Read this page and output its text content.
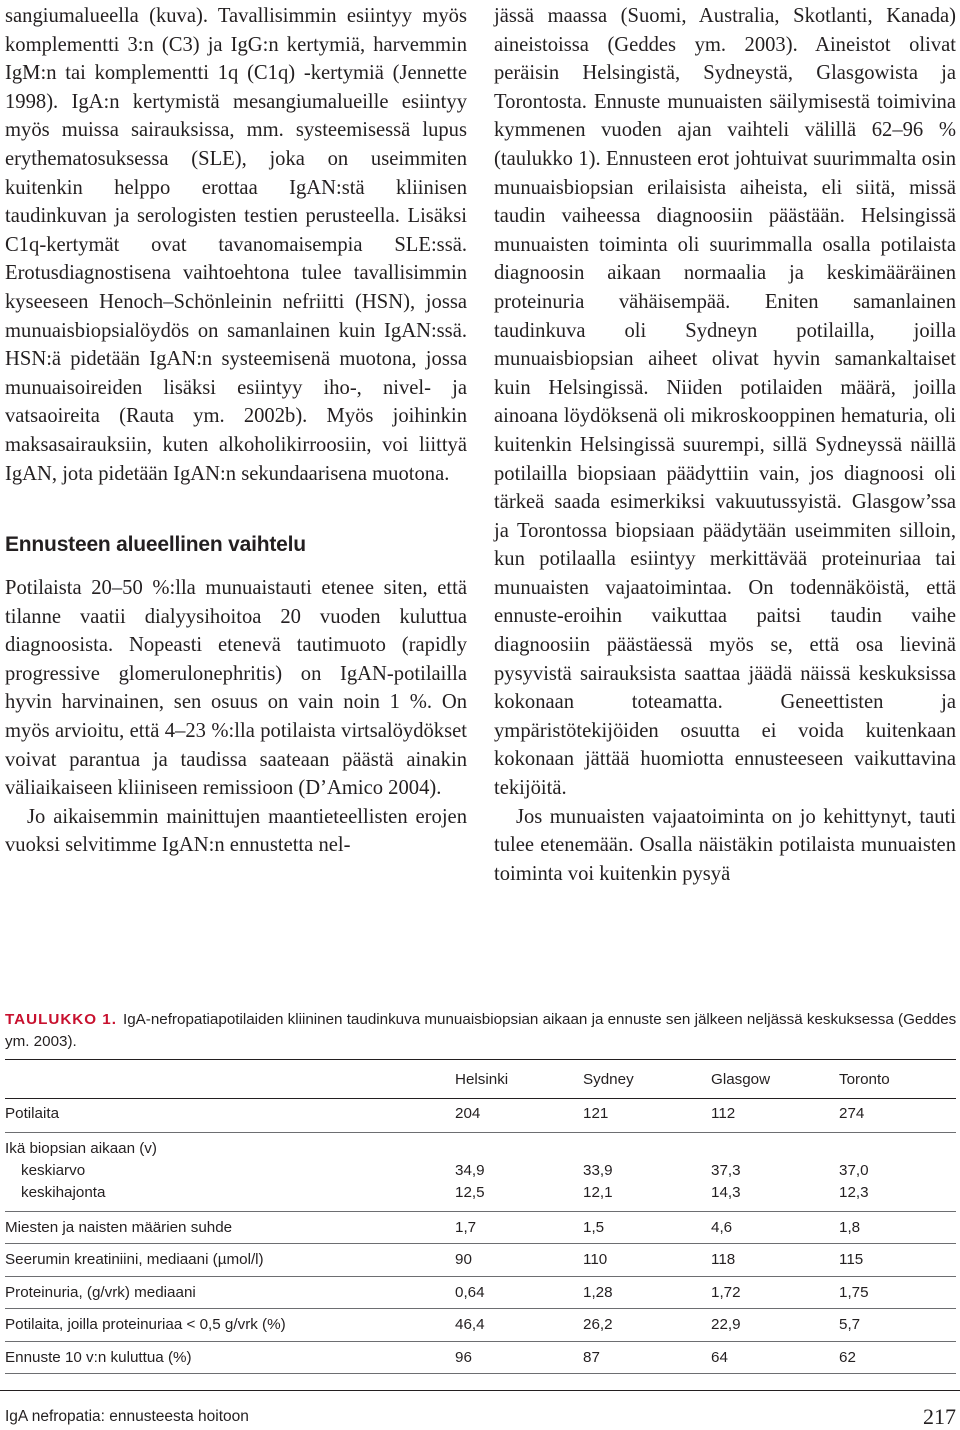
sangiumalueella (kuva). Tavallisimmin esiintyy myös komplementti 3:n (C3) ja IgG:n kertymiä, harvemmin IgM:n tai komplementti 1q (C1q) -kertymiä (Jennette 1998). IgA:n kertymistä mesangiumalueille esiintyy myös muissa sairauksissa, mm. systeemisessä lupus erythematosuksessa (SLE), joka on useimmiten kuitenkin helppo erottaa IgAN:stä kliinisen taudinkuvan ja serologisten testien perusteella. Lisäksi C1q-kertymät ovat tavanomaisempia SLE:ssä. Erotusdiagnostisena vaihtoehtona tulee tavallisimmin kyseeseen Henoch–Schönleinin nefriitti (HSN), jossa munuaisbiopsialöydös on samanlainen kuin IgAN:ssä. HSN:ä pidetään IgAN:n systeemisenä muotona, jossa munuaisoireiden lisäksi esiintyy iho-, nivel- ja vatsaoireita (Rauta ym. 2002b). Myös joihinkin maksasairauksiin, kuten alkoholikirroosiin, voi liittyä IgAN, jota pidetään IgAN:n sekundaarisena muotona.

Ennusteen alueellinen vaihtelu

Potilaista 20–50 %:lla munuaistauti etenee siten, että tilanne vaatii dialyysihoitoa 20 vuoden kuluttua diagnoosista. Nopeasti etenevä tautimuoto (rapidly progressive glomerulonephritis) on IgAN-potilailla hyvin harvinainen, sen osuus on vain noin 1 %. On myös arvioitu, että 4–23 %:lla potilaista virtsalöydökset voivat parantua ja taudissa saateaan päästä ainakin väliaikaiseen kliiniseen remissioon (D’Amico 2004).

Jo aikaisemmin mainittujen maantieteellisten erojen vuoksi selvitimme IgAN:n ennustetta nel-

jässä maassa (Suomi, Australia, Skotlanti, Kanada) aineistoissa (Geddes ym. 2003). Aineistot olivat peräisin Helsingistä, Sydneystä, Glasgowista ja Torontosta. Ennuste munuaisten säilymisestä toimivina kymmenen vuoden ajan vaihteli välillä 62–96 % (taulukko 1). Ennusteen erot johtuivat suurimmalta osin munuaisbiopsian erilaisista aiheista, eli siitä, missä taudin vaiheessa diagnoosiin päästään. Helsingissä munuaisten toiminta oli suurimmalla osalla potilaista diagnoosin aikaan normaalia ja keskimääräinen proteinuria vähäisempää. Eniten samanlainen taudinkuva oli Sydneyn potilailla, joilla munuaisbiopsian aiheet olivat hyvin samankaltaiset kuin Helsingissä. Niiden potilaiden määrä, joilla ainoana löydöksenä oli mikroskooppinen hematuria, oli kuitenkin Helsingissä suurempi, sillä Sydneyssä näillä potilailla biopsiaan päädyttiin vain, jos diagnoosi oli tärkeä saada esimerkiksi vakuutussyistä. Glasgow’ssa ja Torontossa biopsiaan päädytään useimmiten silloin, kun potilaalla esiintyy merkittävää proteinuriaa tai munuaisten vajaatoimintaa. On todennäköistä, että ennuste-eroihin vaikuttaa paitsi taudin vaihe diagnoosiin päästäessä myös se, että osa lievinä pysyvistä sairauksista saattaa jäädä näissä keskuksissa kokonaan toteamatta. Geneettisten ja ympäristötekijöiden osuutta ei voida kuitenkaan kokonaan jättää huomiotta ennusteeseen vaikuttavina tekijöitä.

Jos munuaisten vajaatoiminta on jo kehittynyt, tauti tulee etenemään. Osalla näistäkin potilaista munuaisten toiminta voi kuitenkin pysyä

TAULUKKO 1. IgA-nefropatiapotilaiden kliininen taudinkuva munuaisbiopsian aikaan ja ennuste sen jälkeen neljässä keskuksessa (Geddes ym. 2003).
	Helsinki	Sydney	Glasgow	Toronto
Potilaita	204	121	112	274
Ikä biopsian aikaan (v)				
keskiarvo	34,9	33,9	37,3	37,0
keskihajonta	12,5	12,1	14,3	12,3
Miesten ja naisten määrien suhde	1,7	1,5	4,6	1,8
Seerumin kreatiniini, mediaani (µmol/l)	90	110	118	115
Proteinuria, (g/vrk) mediaani	0,64	1,28	1,72	1,75
Potilaita, joilla proteinuriaa < 0,5 g/vrk (%)	46,4	26,2	22,9	5,7
Ennuste 10 v:n kuluttua (%)	96	87	64	62
IgA nefropatia: ennusteesta hoitoon	217
